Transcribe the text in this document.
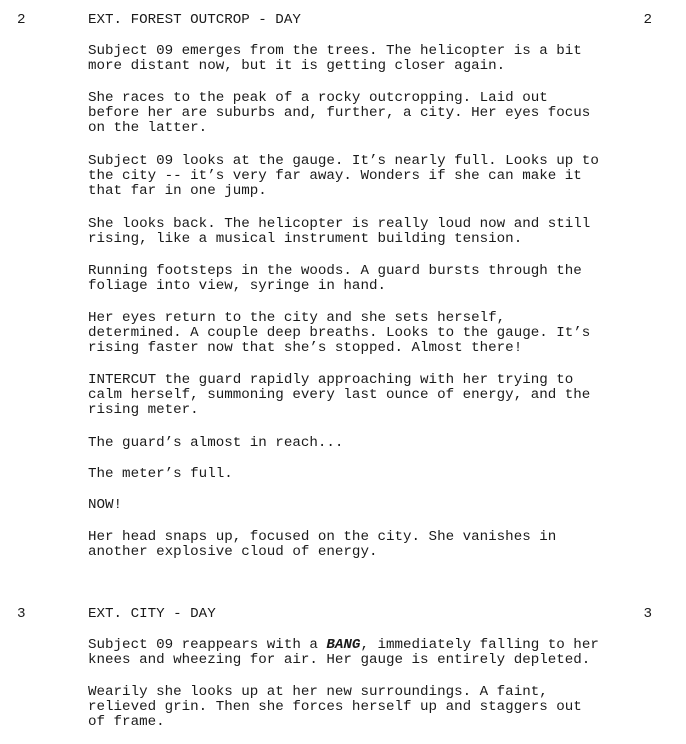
2	EXT. FOREST OUTCROP - DAY	2
Subject 09 emerges from the trees. The helicopter is a bit
more distant now, but it is getting closer again.
She races to the peak of a rocky outcropping. Laid out
before her are suburbs and, further, a city. Her eyes focus
on the latter.
Subject 09 looks at the gauge. It’s nearly full. Looks up to
the city -- it’s very far away. Wonders if she can make it
that far in one jump.
She looks back. The helicopter is really loud now and still
rising, like a musical instrument building tension.
Running footsteps in the woods. A guard bursts through the
foliage into view, syringe in hand.
Her eyes return to the city and she sets herself,
determined. A couple deep breaths. Looks to the gauge. It’s
rising faster now that she’s stopped. Almost there!
INTERCUT the guard rapidly approaching with her trying to
calm herself, summoning every last ounce of energy, and the
rising meter.
The guard’s almost in reach...
The meter’s full.
NOW!
Her head snaps up, focused on the city. She vanishes in
another explosive cloud of energy.
3	EXT. CITY - DAY	3
Subject 09 reappears with a BANG, immediately falling to her
knees and wheezing for air. Her gauge is entirely depleted.
Wearily she looks up at her new surroundings. A faint,
relieved grin. Then she forces herself up and staggers out
of frame.
